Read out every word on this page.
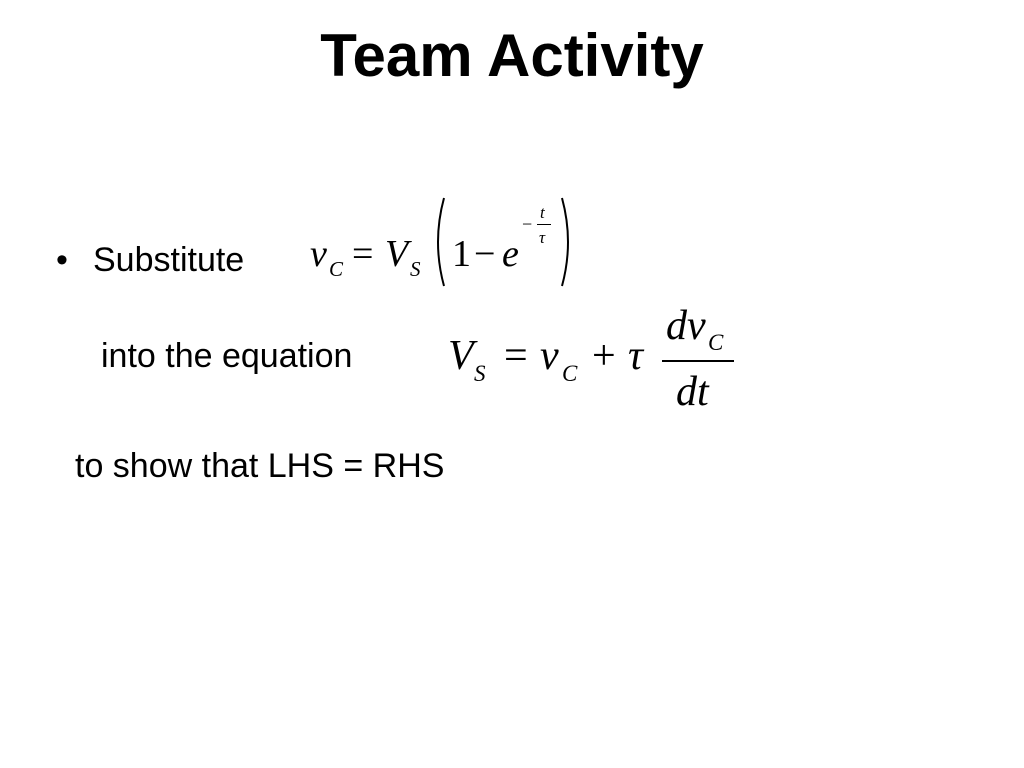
Team Activity
• Substitute v C = V S 1 − e
−
t
τ
into the equation V S = v C + τ
dv C
dt
to show that LHS = RHS
